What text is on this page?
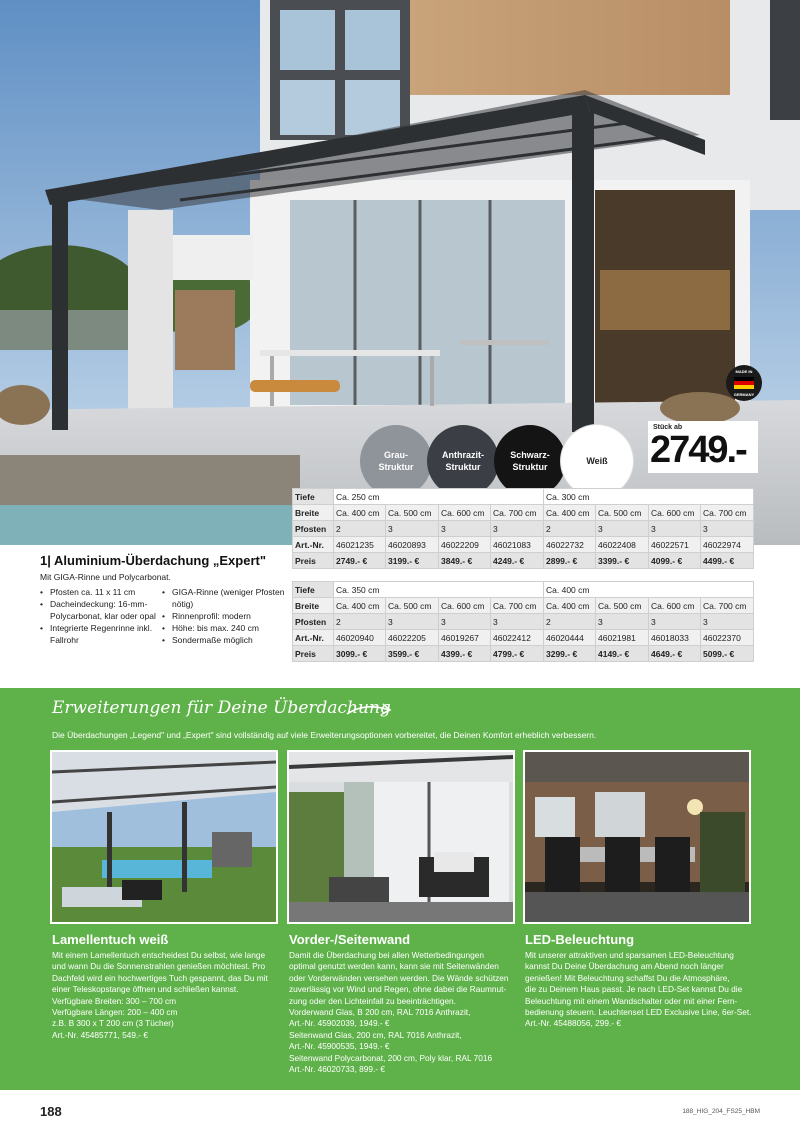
Grau-
Struktur
Anthrazit-
Struktur
Schwarz-
Struktur
Weiß
MADE IN
GERMANY
Stück ab
2749.-
Tiefe	Ca. 250 cm				Ca. 300 cm			
Breite	Ca. 400 cm	Ca. 500 cm	Ca. 600 cm	Ca. 700 cm	Ca. 400 cm	Ca. 500 cm	Ca. 600 cm	Ca. 700 cm
Pfosten	2	3	3	3	2	3	3	3
Art.-Nr.	46021235	46020893	46022209	46021083	46022732	46022408	46022571	46022974
Preis	2749.- €	3199.- €	3849.- €	4249.- €	2899.- €	3399.- €	4099.- €	4499.- €
Tiefe	Ca. 350 cm				Ca. 400 cm			
Breite	Ca. 400 cm	Ca. 500 cm	Ca. 600 cm	Ca. 700 cm	Ca. 400 cm	Ca. 500 cm	Ca. 600 cm	Ca. 700 cm
Pfosten	2	3	3	3	2	3	3	3
Art.-Nr.	46020940	46022205	46019267	46022412	46020444	46021981	46018033	46022370
Preis	3099.- €	3599.- €	4399.- €	4799.- €	3299.- €	4149.- €	4649.- €	5099.- €
1| Aluminium-Überdachung „Expert"
Mit GIGA-Rinne und Polycarbonat.
• Pfosten ca. 11 x 11 cm
• Dacheindeckung: 16-mm-Polycarbonat, klar oder opal
• Integrierte Regenrinne inkl. Fallrohr
• GIGA-Rinne (weniger Pfosten nötig)
• Rinnenprofil: modern
• Höhe: bis max. 240 cm
• Sondermaße möglich
Erweiterungen für Deine Überdachung
Die Überdachungen „Legend" und „Expert" sind vollständig auf viele Erweiterungsoptionen vorbereitet, die Deinen Komfort erheblich verbessern.
Lamellentuch weiß	Vorder-/Seitenwand	LED-Beleuchtung

Mit einem Lamellentuch entscheidest Du selbst, wie lange
und wann Du die Sonnenstrahlen genießen möchtest. Pro
Dachfeld wird ein hochwertiges Tuch gespannt, das Du mit
einer Teleskopstange öffnen und schließen kannst.
Verfügbare Breiten: 300 – 700 cm
Verfügbare Längen: 200 – 400 cm
z.B. B 300 x T 200 cm (3 Tücher)
Art.-Nr. 45485771, 549.- €

Damit die Überdachung bei allen Wetterbedingungen
optimal genutzt werden kann, kann sie mit Seitenwänden
oder Vorderwänden versehen werden. Die Wände schützen
zuverlässig vor Wind und Regen, ohne dabei die Raumnut-
zung oder den Lichteinfall zu beeinträchtigen.
Vorderwand Glas, B 200 cm, RAL 7016 Anthrazit,
Art.-Nr. 45902039, 1949.- €
Seitenwand Glas, 200 cm, RAL 7016 Anthrazit,
Art.-Nr. 45900535, 1949.- €
Seitenwand Polycarbonat, 200 cm, Poly klar, RAL 7016
Art.-Nr. 46020733, 899.- €

Mit unserer attraktiven und sparsamen LED-Beleuchtung
kannst Du Deine Überdachung am Abend noch länger
genießen! Mit Beleuchtung schaffst Du die Atmosphäre,
die zu Deinem Haus passt. Je nach LED-Set kannst Du die
Beleuchtung mit einem Wandschalter oder mit einer Fern-
bedienung steuern. Leuchtenset LED Exclusive Line, 6er-Set.
Art.-Nr. 45488056, 299.- €

188	188_HIG_204_FS25_HBM
